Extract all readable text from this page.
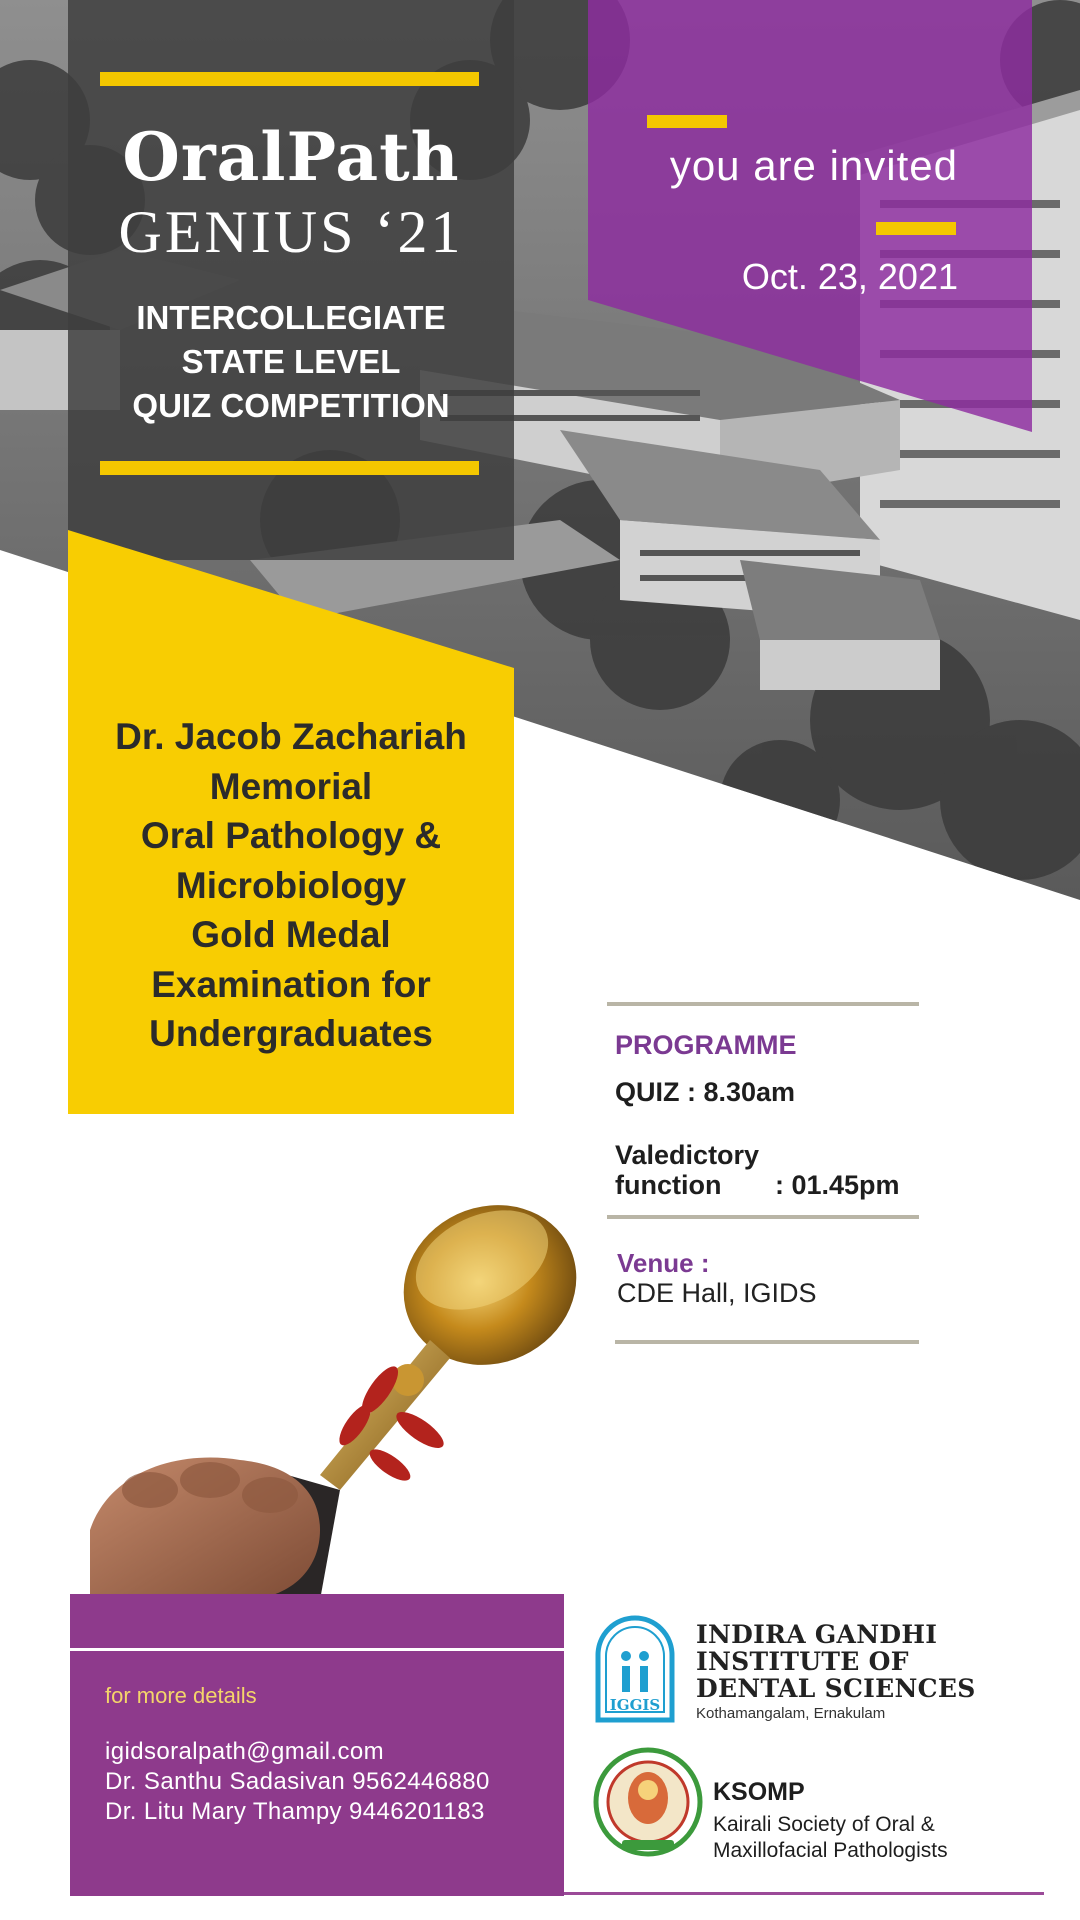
OralPath
GENIUS ‘21
INTERCOLLEGIATE
STATE LEVEL
QUIZ COMPETITION
you are invited
Oct. 23, 2021
Dr. Jacob Zachariah
Memorial
Oral Pathology &
Microbiology
Gold Medal
Examination for
Undergraduates	PROGRAMME
QUIZ : 8.30am
Valedictory
function : 01.45pm
Venue :
CDE Hall, IGIDS
for more details
igidsoralpath@gmail.com
Dr. Santhu Sadasivan 9562446880
Dr. Litu Mary Thampy 9446201183
IGGIS
INDIRA GANDHI
INSTITUTE OF
DENTAL SCIENCES
Kothamangalam, Ernakulam
KSOMP
Kairali Society of Oral &
Maxillofacial Pathologists
